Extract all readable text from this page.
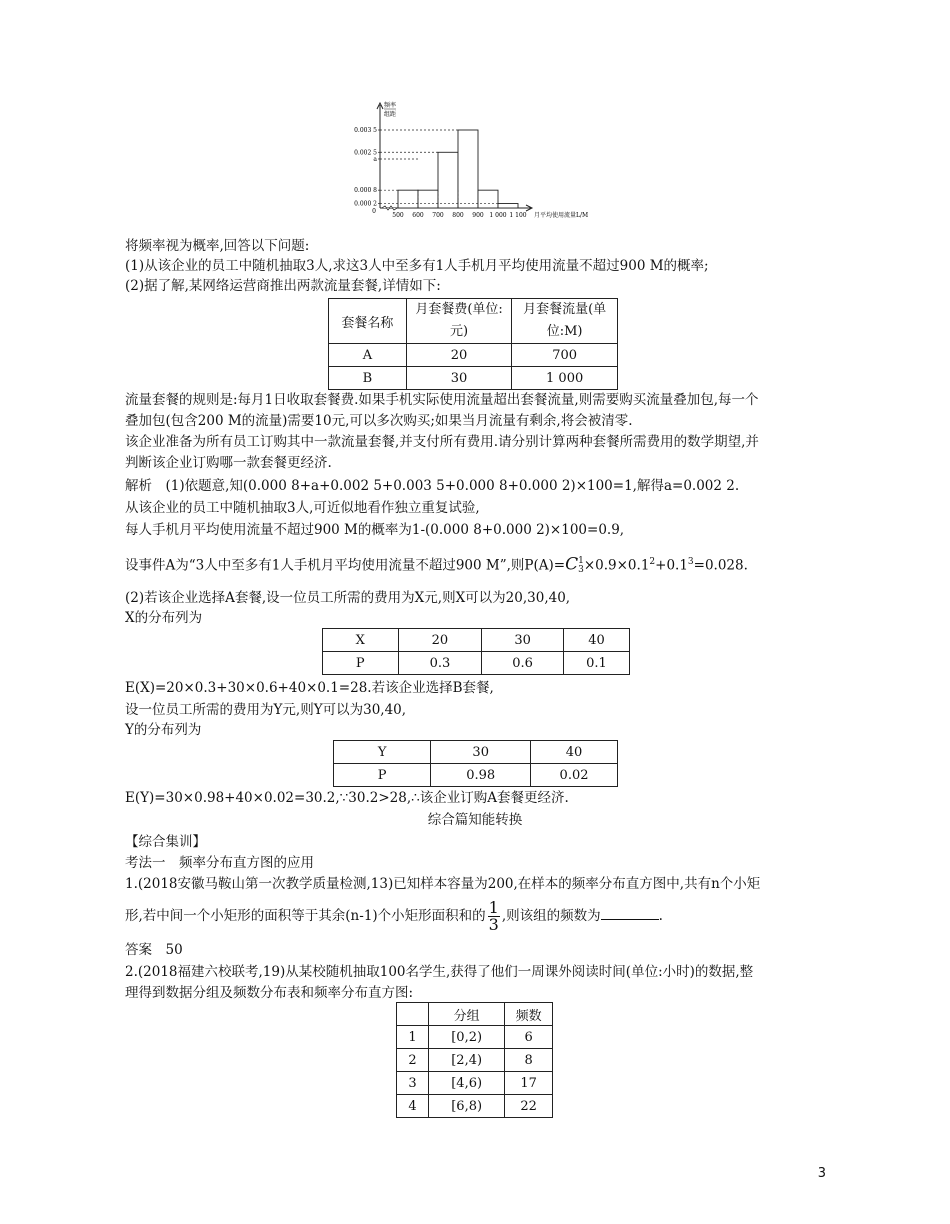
频率
组距
0.003 5
0.002 5
a
0.000 8
0.000 2
500 600 700 800 900 1 000 1 100
0
月平均使用流量L/M
将频率视为概率,回答以下问题:
(1)从该企业的员工中随机抽取3人,求这3人中至多有1人手机月平均使用流量不超过900 M的概率;
(2)据了解,某网络运营商推出两款流量套餐,详情如下:
套餐名称	月套餐费(单位:
元)	月套餐流量(单
位:M)
A	20	700
B	30	1 000
流量套餐的规则是:每月1日收取套餐费.如果手机实际使用流量超出套餐流量,则需要购买流量叠加包,每一个
叠加包(包含200 M的流量)需要10元,可以多次购买;如果当月流量有剩余,将会被清零.
该企业准备为所有员工订购其中一款流量套餐,并支付所有费用.请分别计算两种套餐所需费用的数学期望,并
判断该企业订购哪一款套餐更经济.
解析　(1)依题意,知(0.000 8+a+0.002 5+0.003 5+0.000 8+0.000 2)×100=1,解得a=0.002 2.
从该企业的员工中随机抽取3人,可近似地看作独立重复试验,
每人手机月平均使用流量不超过900 M的概率为1-(0.000 8+0.000 2)×100=0.9,
设事件A为“3人中至多有1人手机月平均使用流量不超过900 M”,则P(A)=C 1
$3 \times 0.9\times 0.1^2+0.1^3=0.028$.
(2)若该企业选择A套餐,设一位员工所需的费用为X元,则X可以为20,30,40,
X的分布列为
X	20	30	40
P	0.3	0.6	0.1
E(X)=20×0.3+30×0.6+40×0.1=28.若该企业选择B套餐,
设一位员工所需的费用为Y元,则Y可以为30,40,
Y的分布列为
Y	30	40
P	0.98	0.02
E(Y)=30×0.98+40×0.02=30.2,∵30.2>28,∴该企业订购A套餐更经济.
综合篇知能转换
【综合集训】
考法一　频率分布直方图的应用
1.(2018安徽马鞍山第一次教学质量检测,13)已知样本容量为200,在样本的频率分布直方图中,共有n个小矩
形,若中间一个小矩形的面积等于其余(n-1)个小矩形面积和的 $\frac{1}{3}$ ,则该组的频数为	.
答案　50
2.(2018福建六校联考,19)从某校随机抽取100名学生,获得了他们一周课外阅读时间(单位:小时)的数据,整
理得到数据分组及频数分布表和频率分布直方图:
	分组	频数
1	[0,2)	6
2	[2,4)	8
3	[4,6)	17
4	[6,8)	22
3
